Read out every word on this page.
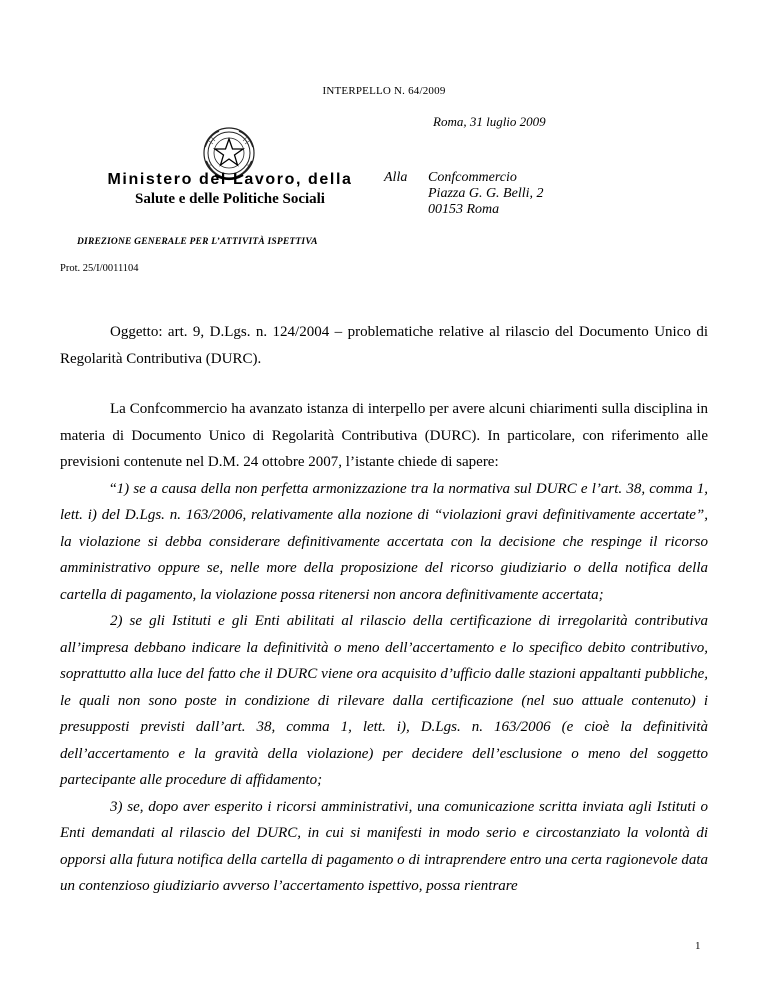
INTERPELLO N. 64/2009
Roma, 31 luglio 2009
Ministero del Lavoro, della
Salute e delle Politiche Sociali
Alla Confcommercio
Piazza G. G. Belli, 2
00153 Roma
DIREZIONE GENERALE PER L’ATTIVITÀ ISPETTIVA
Prot. 25/I/0011104
Oggetto: art. 9, D.Lgs. n. 124/2004 – problematiche relative al rilascio del Documento Unico di Regolarità Contributiva (DURC).

La Confcommercio ha avanzato istanza di interpello per avere alcuni chiarimenti sulla disciplina in materia di Documento Unico di Regolarità Contributiva (DURC). In particolare, con riferimento alle previsioni contenute nel D.M. 24 ottobre 2007, l’istante chiede di sapere:

“1) se a causa della non perfetta armonizzazione tra la normativa sul DURC e l’art. 38, comma 1, lett. i) del D.Lgs. n. 163/2006, relativamente alla nozione di “violazioni gravi definitivamente accertate”, la violazione si debba considerare definitivamente accertata con la decisione che respinge il ricorso amministrativo oppure se, nelle more della proposizione del ricorso giudiziario o della notifica della cartella di pagamento, la violazione possa ritenersi non ancora definitivamente accertata;

2) se gli Istituti e gli Enti abilitati al rilascio della certificazione di irregolarità contributiva all’impresa debbano indicare la definitività o meno dell’accertamento e lo specifico debito contributivo, soprattutto alla luce del fatto che il DURC viene ora acquisito d’ufficio dalle stazioni appaltanti pubbliche, le quali non sono poste in condizione di rilevare dalla certificazione (nel suo attuale contenuto) i presupposti previsti dall’art. 38, comma 1, lett. i), D.Lgs. n. 163/2006 (e cioè la definitività dell’accertamento e la gravità della violazione) per decidere dell’esclusione o meno del soggetto partecipante alle procedure di affidamento;

3) se, dopo aver esperito i ricorsi amministrativi, una comunicazione scritta inviata agli Istituti o Enti demandati al rilascio del DURC, in cui si manifesti in modo serio e circostanziato la volontà di opporsi alla futura notifica della cartella di pagamento o di intraprendere entro una certa ragionevole data un contenzioso giudiziario avverso l’accertamento ispettivo, possa rientrare

1
